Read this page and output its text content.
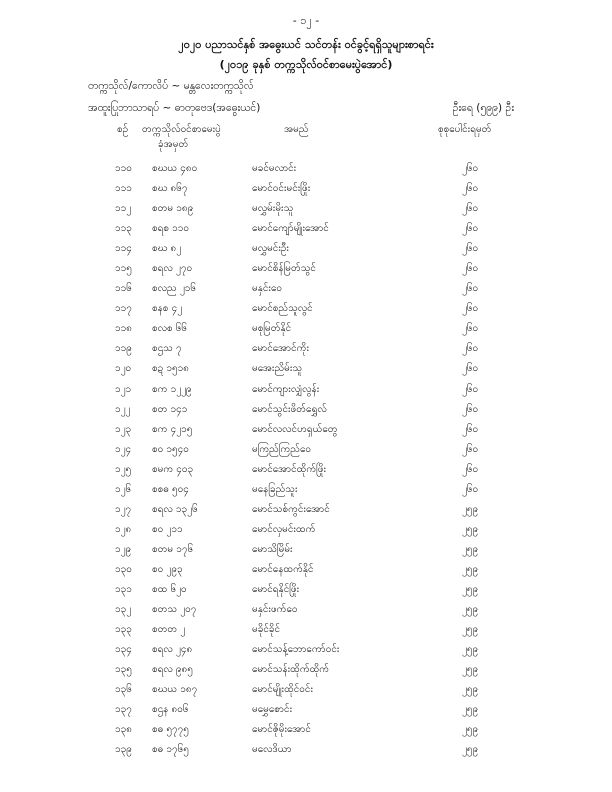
- ၁၂ -
၂၀၂၀ ပညာသင်နှစ် အဓွေးယင် သင်တန်း ဝင်ခွင့်ရရှိသူများစာရင်း
(၂၀၁၉ ခုနှစ် တက္ကသိုလ်ဝင်စာမေးပွဲအောင်)
တက္ကသိုလ်/ကောလိပ် ~ မန္တလေးတက္ကသိုလ်
အထူးပြုဘာသာရပ် ~ ဓာတုဗေဒ(အဓွေးယင်)	ဦးရေ (၅၉၉) ဦး
စဉ် တက္ကသိုလ်ဝင်စာမေးပွဲ
ခုံအမှတ်
အမည်	စုစုပေါင်းရမှတ်
၁၁၀ စဃယ ၄၈၀	မခင်မလာင်း	၂၆၀
၁၁၁ စဃ ၈၆၇	မောင်ဝင်းမင်းဖြိုး	၂၆၀
၁၁၂ စတမ ၁၈၉	မလွှမ်းမိုးသူ	၂၆၀
၁၁၃ စရစ ၁၁၀	မောင်ကျော်မျိုးအောင်	၂၆၀
၁၁၄ စဃ ၈၂	မလွှမင်းဦး	၂၆၀
၁၁၅ စရလ ၂၇၀	မောင်စိန်မြတ်သွင်	၂၆၀
၁၁၆ စလည ၂၁၆	မနှင်းဝေ	၂၆၀
၁၁၇ စနစ ၄၂	မောင်စည်သူလွင်	၂၆၀
၁၁၈ စလစ ၆၆	မစုမြတ်နိုင်	၂၆၀
၁၁၉ စဌသ ၇	မောင်အောင်ကိုး	၂၆၀
၁၂၀ စဍ ၁၅၁၈	မအေးညိမ်းသူ	၂၆၀
၁၂၁ စက ၁၂၂၉	မောင်ကျားလျှံလွန်း	၂၆၀
၁၂၂ စတ ၁၄၁	မောင်သွင်းဖိတ်ရွှေလ်	၂၆၀
၁၂၃ စက ၄၂၁၅	မောင်လလင်ဟရှယ်တွေ	၂၆၀
၁၂၄ စဝ ၁၅၄၀	မကြည်ကြည်ဝေ	၂၆၀
၁၂၅ စမက ၄၀၃	မောင်အောင်ထိုက်ဖြိုး	၂၆၀
၁၂၆ စစဓ ၅၀၄	မနေခြည်သူး	၂၆၀
၁၂၇ စရလ ၁၃၂၆	မောင်သစ်ကွင်းအောင်	၂၅၉
၁၂၈ စဝ ၂၁၁	မောင်လှမင်းထက်	၂၅၉
၁၂၉ စတမ ၁၇၆	မောသိမြိမ်း	၂၅၉
၁၃၀ စဝ ၂၉၃	မောင်နေထက်နိုင်	၂၅၉
၁၃၁ စထ ၆၂၀	မောင်ရနိုင်ဖြိုး	၂၅၉
၁၃၂ စတသ ၂၀၇	မနှင်းဖက်ဝေ	၂၅၉
၁၃၃ စတတ ၂	မခိုင်ခိုင်	၂၅၉
၁၃၄ စရလ ၂၄၈	မောင်သန့်ဘောကော်ဝင်း	၂၅၉
၁၃၅ စရလ ၉၈၅	မောင်သန်းထိုက်ထိုက်	၂၅၉
၁၃၆ စဃယ ၁၈၇	မောင်မျိုးထိုင်ဝင်း	၂၅၉
၁၃၇ စဌန ၈၀၆	မမွှေစောင်း	၂၅၉
၁၃၈ စဓ ၅၇၇၅	မောင်ဇိုမိုးအောင်	၂၅၉
၁၃၉ စဓ ၁၇၆၅	မလေဒိယာ	၂၅၉
